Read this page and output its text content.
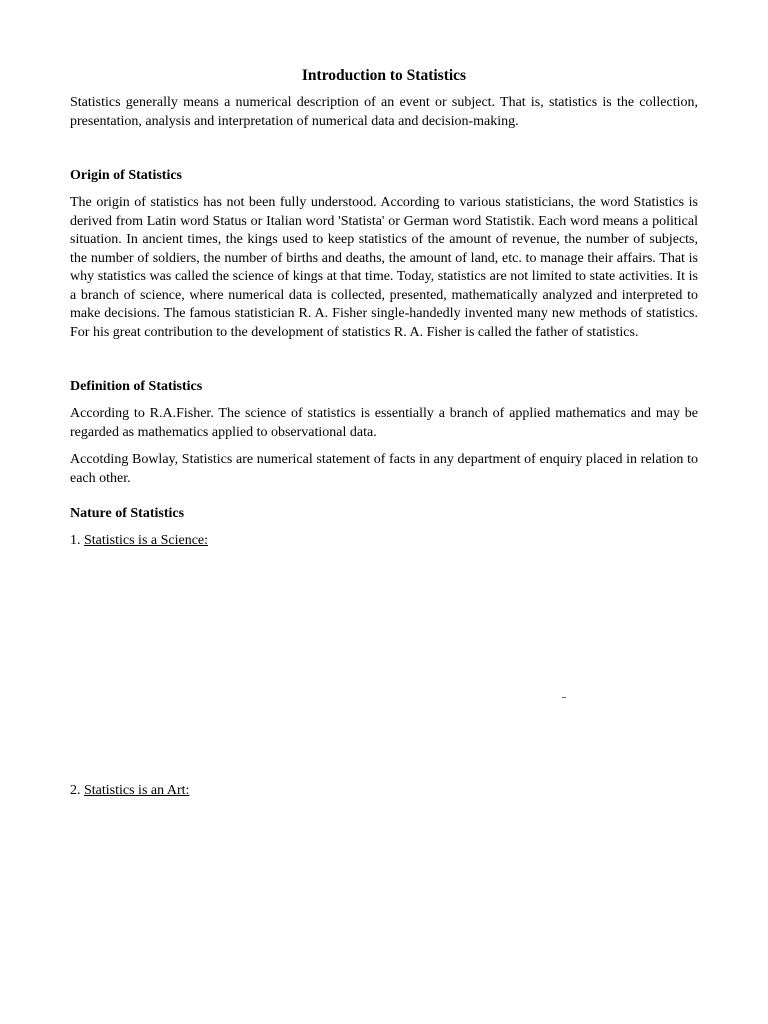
Introduction to Statistics

Statistics generally means a numerical description of an event or subject. That is, statistics is the collection, presentation, analysis and interpretation of numerical data and decision-making.

Origin of Statistics

The origin of statistics has not been fully understood. According to various statisticians, the word Statistics is derived from Latin word Status or Italian word 'Statista' or German word Statistik. Each word means a political situation. In ancient times, the kings used to keep statistics of the amount of revenue, the number of subjects, the number of soldiers, the number of births and deaths, the amount of land, etc. to manage their affairs. That is why statistics was called the science of kings at that time. Today, statistics are not limited to state activities. It is a branch of science, where numerical data is collected, presented, mathematically analyzed and interpreted to make decisions. The famous statistician R. A. Fisher single-handedly invented many new methods of statistics. For his great contribution to the development of statistics R. A. Fisher is called the father of statistics.

Definition of Statistics

According to R.A.Fisher. The science of statistics is essentially a branch of applied mathematics and may be regarded as mathematics applied to observational data.

Accotding Bowlay, Statistics are numerical statement of facts in any department of enquiry placed in relation to each other.

Nature of Statistics

1. Statistics is a Science:

2. Statistics is an Art:
